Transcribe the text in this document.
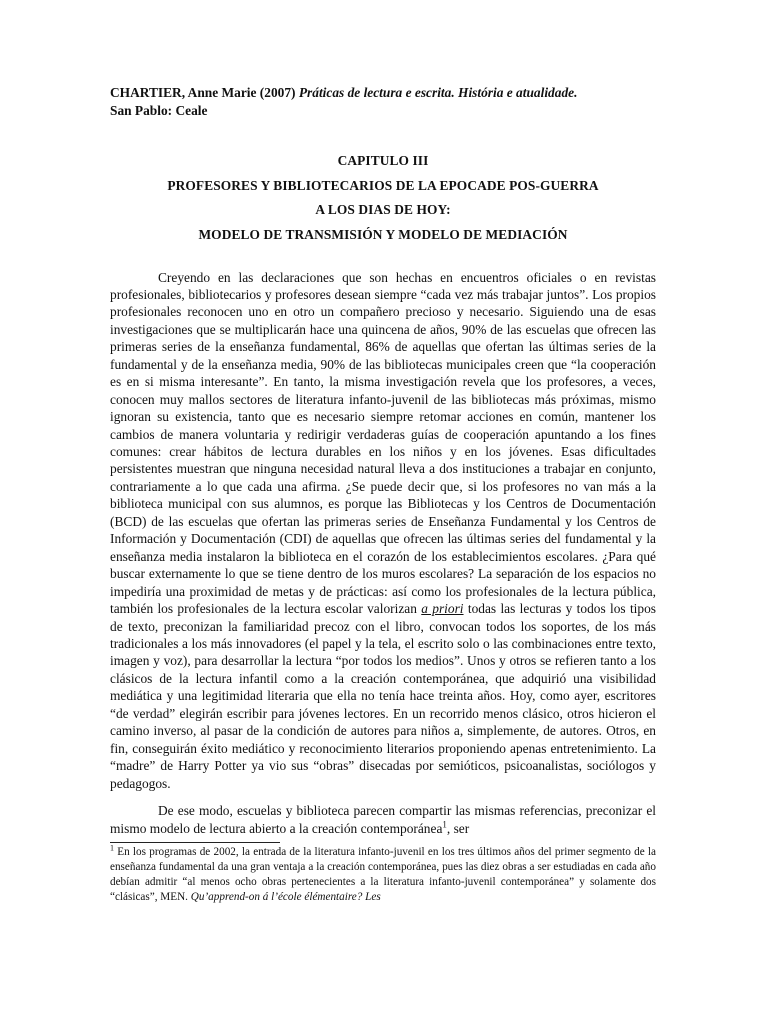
CHARTIER, Anne Marie (2007) Práticas de lectura e escrita. História e atualidade.
San Pablo: Ceale

CAPITULO III

PROFESORES Y BIBLIOTECARIOS DE LA EPOCADE POS-GUERRA

A LOS DIAS DE HOY:

MODELO DE TRANSMISIÓN Y MODELO DE MEDIACIÓN

Creyendo en las declaraciones que son hechas en encuentros oficiales o en revistas profesionales, bibliotecarios y profesores desean siempre “cada vez más trabajar juntos”. Los propios profesionales reconocen uno en otro un compañero precioso y necesario. Siguiendo una de esas investigaciones que se multiplicarán hace una quincena de años, 90% de las escuelas que ofrecen las primeras series de la enseñanza fundamental, 86% de aquellas que ofertan las últimas series de la fundamental y de la enseñanza media, 90% de las bibliotecas municipales creen que “la cooperación es en si misma interesante”. En tanto, la misma investigación revela que los profesores, a veces, conocen muy mallos sectores de literatura infanto-juvenil de las bibliotecas más próximas, mismo ignoran su existencia, tanto que es necesario siempre retomar acciones en común, mantener los cambios de manera voluntaria y redirigir verdaderas guías de cooperación apuntando a los fines comunes: crear hábitos de lectura durables en los niños y en los jóvenes. Esas dificultades persistentes muestran que ninguna necesidad natural lleva a dos instituciones a trabajar en conjunto, contrariamente a lo que cada una afirma. ¿Se puede decir que, si los profesores no van más a la biblioteca municipal con sus alumnos, es porque las Bibliotecas y los Centros de Documentación (BCD) de las escuelas que ofertan las primeras series de Enseñanza Fundamental y los Centros de Información y Documentación (CDI) de aquellas que ofrecen las últimas series del fundamental y la enseñanza media instalaron la biblioteca en el corazón de los establecimientos escolares. ¿Para qué buscar externamente lo que se tiene dentro de los muros escolares? La separación de los espacios no impediría una proximidad de metas y de prácticas: así como los profesionales de la lectura pública, también los profesionales de la lectura escolar valorizan a priori todas las lecturas y todos los tipos de texto, preconizan la familiaridad precoz con el libro, convocan todos los soportes, de los más tradicionales a los más innovadores (el papel y la tela, el escrito solo o las combinaciones entre texto, imagen y voz), para desarrollar la lectura “por todos los medios”. Unos y otros se refieren tanto a los clásicos de la lectura infantil como a la creación contemporánea, que adquirió una visibilidad mediática y una legitimidad literaria que ella no tenía hace treinta años. Hoy, como ayer, escritores “de verdad” elegirán escribir para jóvenes lectores. En un recorrido menos clásico, otros hicieron el camino inverso, al pasar de la condición de autores para niños a, simplemente, de autores. Otros, en fin, conseguirán éxito mediático y reconocimiento literarios proponiendo apenas entretenimiento. La “madre” de Harry Potter ya vio sus “obras” disecadas por semióticos, psicoanalistas, sociólogos y pedagogos.

De ese modo, escuelas y biblioteca parecen compartir las mismas referencias, preconizar el mismo modelo de lectura abierto a la creación contemporánea$^1$, ser

$^1$ En los programas de 2002, la entrada de la literatura infanto-juvenil en los tres últimos años del primer segmento de la enseñanza fundamental da una gran ventaja a la creación contemporánea, pues las diez obras a ser estudiadas en cada año debían admitir “al menos ocho obras pertenecientes a la literatura infanto-juvenil contemporánea” y solamente dos “clásicas”, MEN. Qu’apprend-on á l’école élémentaire? Les
